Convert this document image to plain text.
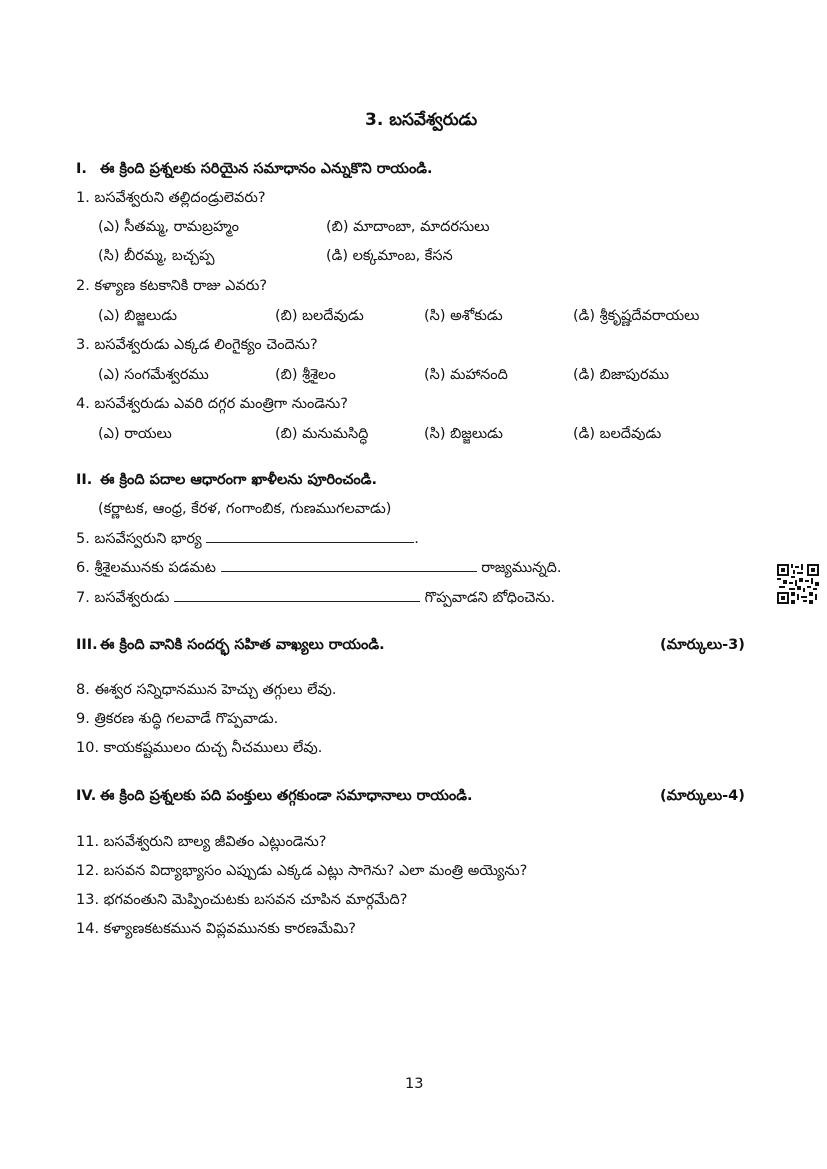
3. బసవేశ్వరుడు
I. ఈ క్రింది ప్రశ్నలకు సరియైన సమాధానం ఎన్నుకొని రాయండి.
1. బసవేశ్వరుని తల్లిదండ్రులెవరు?
(ఎ) సీతమ్మ, రామబ్రహ్మం	(బి) మాదాంబా, మాదరసులు
(సి) బీరమ్మ, బచ్చప్ప	(డి) లక్కమాంబ, కేసన
2. కళ్యాణ కటకానికి రాజు ఎవరు?
(ఎ) బిజ్జలుడు	(బి) బలదేవుడు	(సి) అశోకుడు	(డి) శ్రీకృష్ణదేవరాయలు
3. బసవేశ్వరుడు ఎక్కడ లింగైక్యం చెందెను?
(ఎ) సంగమేశ్వరము	(బి) శ్రీశైలం	(సి) మహానంది	(డి) బిజాపురము
4. బసవేశ్వరుడు ఎవరి దగ్గర మంత్రిగా నుండెను?
(ఎ) రాయలు	(బి) మనుమసిద్ధి	(సి) బిజ్జలుడు	(డి) బలదేవుడు
II. ఈ క్రింది పదాల ఆధారంగా ఖాళీలను పూరించండి.
(కర్ణాటక, ఆంధ్ర, కేరళ, గంగాంబిక, గుణముగలవాడు)
5. బసవేస్వరుని భార్య	.
6. శ్రీశైలమునకు పడమట	రాజ్యమున్నది.
7. బసవేశ్వరుడు	గొప్పవాడని బోధించెను.
III. ఈ క్రింది వానికి సందర్భ సహిత వాఖ్యలు రాయండి.	(మార్కులు-3)
8. ఈశ్వర సన్నిధానమున హెచ్చు తగ్గులు లేవు.
9. త్రికరణ శుద్ధి గలవాడే గొప్పవాడు.
10. కాయకష్టములం దుచ్చ నీచములు లేవు.
IV. ఈ క్రింది ప్రశ్నలకు పది పంక్తులు తగ్గకుండా సమాధానాలు రాయండి.	(మార్కులు-4)
11. బసవేశ్వరుని బాల్య జీవితం ఎట్లుండెను?
12. బసవన విద్యాభ్యాసం ఎప్పుడు ఎక్కడ ఎట్లు సాగెను? ఎలా మంత్రి అయ్యెను?
13. భగవంతుని మెప్పించుటకు బసవన చూపిన మార్గమేది?
14. కళ్యాణకటకమున విప్లవమునకు కారణమేమి?
13
